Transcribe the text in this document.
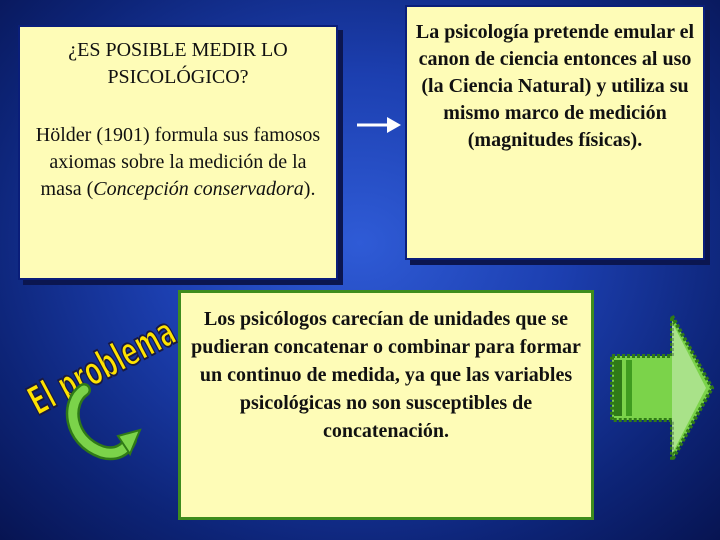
¿ES POSIBLE MEDIR LO PSICOLÓGICO?
Hölder (1901) formula sus famosos axiomas sobre la medición de la masa (Concepción conservadora).
La psicología pretende emular el canon de ciencia entonces al uso (la Ciencia Natural) y utiliza su mismo marco de medición (magnitudes físicas).
Los psicólogos carecían de unidades que se pudieran concatenar o combinar para formar un continuo de medida, ya que las variables psicológicas no son susceptibles de concatenación.
El problema
